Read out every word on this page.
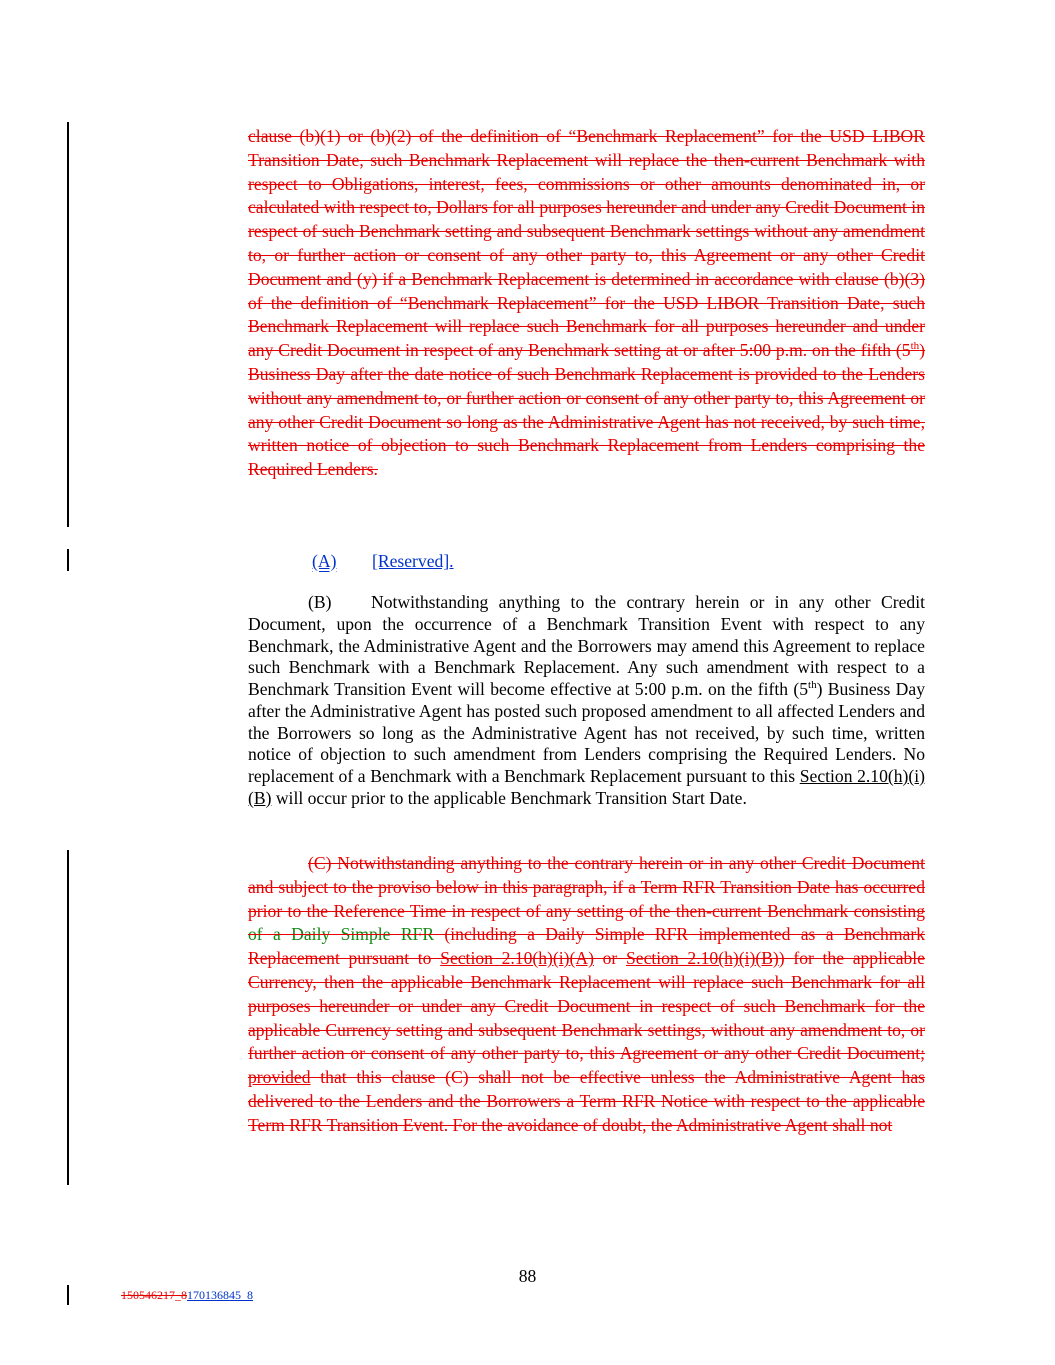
clause (b)(1) or (b)(2) of the definition of “Benchmark Replacement” for the USD LIBOR Transition Date, such Benchmark Replacement will replace the then-current Benchmark with respect to Obligations, interest, fees, commissions or other amounts denominated in, or calculated with respect to, Dollars for all purposes hereunder and under any Credit Document in respect of such Benchmark setting and subsequent Benchmark settings without any amendment to, or further action or consent of any other party to, this Agreement or any other Credit Document and (y) if a Benchmark Replacement is determined in accordance with clause (b)(3) of the definition of “Benchmark Replacement” for the USD LIBOR Transition Date, such Benchmark Replacement will replace such Benchmark for all purposes hereunder and under any Credit Document in respect of any Benchmark setting at or after 5:00 p.m. on the fifth (5th) Business Day after the date notice of such Benchmark Replacement is provided to the Lenders without any amendment to, or further action or consent of any other party to, this Agreement or any other Credit Document so long as the Administrative Agent has not received, by such time, written notice of objection to such Benchmark Replacement from Lenders comprising the Required Lenders.

(A) [Reserved].

(B) Notwithstanding anything to the contrary herein or in any other Credit Document, upon the occurrence of a Benchmark Transition Event with respect to any Benchmark, the Administrative Agent and the Borrowers may amend this Agreement to replace such Benchmark with a Benchmark Replacement. Any such amendment with respect to a Benchmark Transition Event will become effective at 5:00 p.m. on the fifth (5th) Business Day after the Administrative Agent has posted such proposed amendment to all affected Lenders and the Borrowers so long as the Administrative Agent has not received, by such time, written notice of objection to such amendment from Lenders comprising the Required Lenders. No replacement of a Benchmark with a Benchmark Replacement pursuant to this Section 2.10(h)(i)(B) will occur prior to the applicable Benchmark Transition Start Date.

(C) Notwithstanding anything to the contrary herein or in any other Credit Document and subject to the proviso below in this paragraph, if a Term RFR Transition Date has occurred prior to the Reference Time in respect of any setting of the then-current Benchmark consisting of a Daily Simple RFR (including a Daily Simple RFR implemented as a Benchmark Replacement pursuant to Section 2.10(h)(i)(A) or Section 2.10(h)(i)(B)) for the applicable Currency, then the applicable Benchmark Replacement will replace such Benchmark for all purposes hereunder or under any Credit Document in respect of such Benchmark for the applicable Currency setting and subsequent Benchmark settings, without any amendment to, or further action or consent of any other party to, this Agreement or any other Credit Document; provided that this clause (C) shall not be effective unless the Administrative Agent has delivered to the Lenders and the Borrowers a Term RFR Notice with respect to the applicable Term RFR Transition Event. For the avoidance of doubt, the Administrative Agent shall not

88
150546217_8170136845_8
